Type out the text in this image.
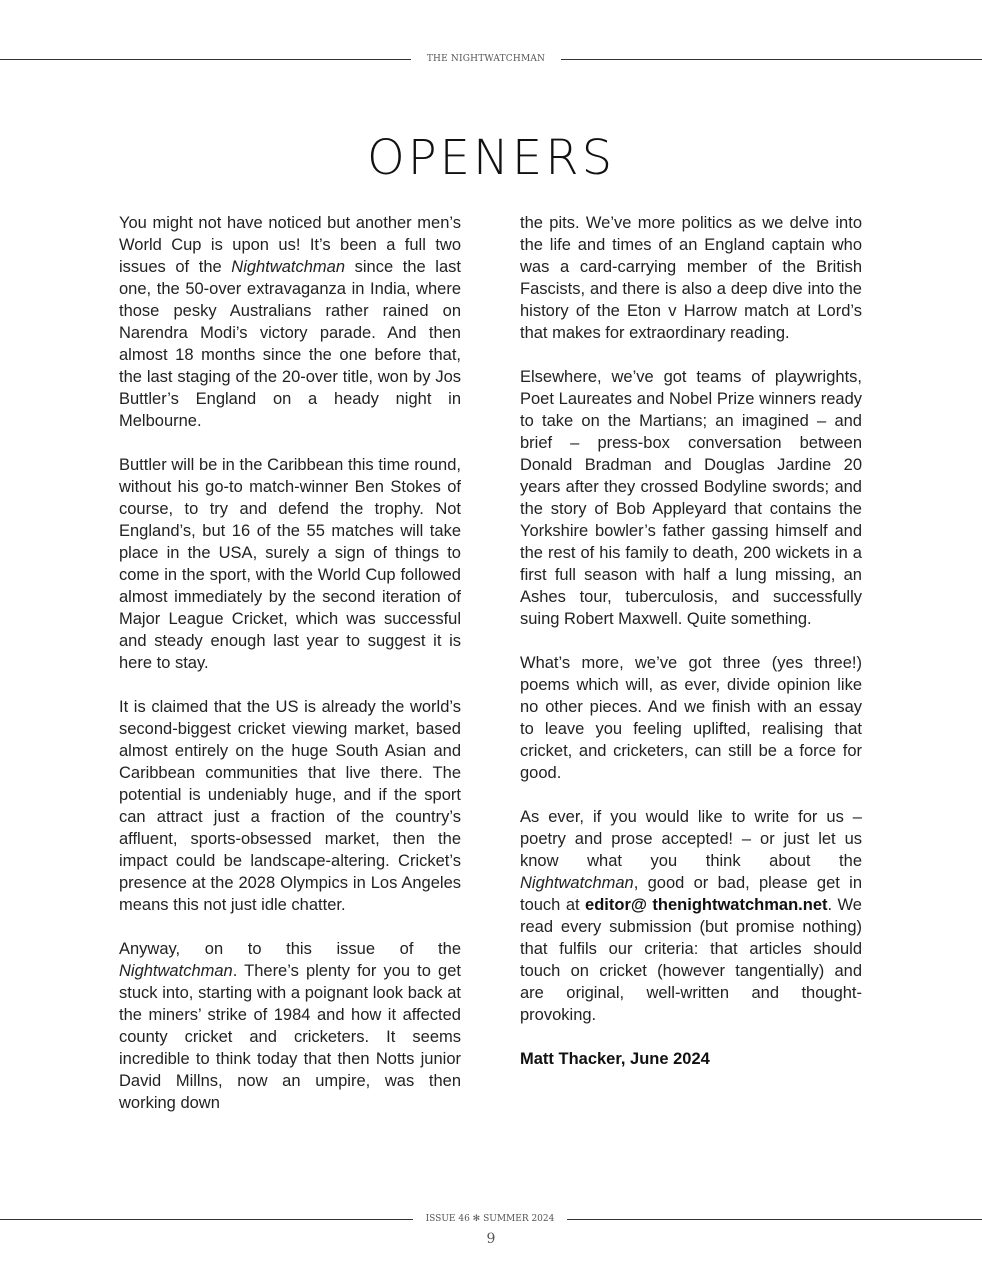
THE NIGHTWATCHMAN
OPENERS

You might not have noticed but another men’s World Cup is upon us! It’s been a full two issues of the Nightwatchman since the last one, the 50-over extravaganza in India, where those pesky Australians rather rained on Narendra Modi’s victory parade. And then almost 18 months since the one before that, the last staging of the 20-over title, won by Jos Buttler’s England on a heady night in Melbourne.

Buttler will be in the Caribbean this time round, without his go-to match-winner Ben Stokes of course, to try and defend the trophy. Not England’s, but 16 of the 55 matches will take place in the USA, surely a sign of things to come in the sport, with the World Cup followed almost immediately by the second iteration of Major League Cricket, which was successful and steady enough last year to suggest it is here to stay.

It is claimed that the US is already the world’s second-biggest cricket viewing market, based almost entirely on the huge South Asian and Caribbean communities that live there. The potential is undeniably huge, and if the sport can attract just a fraction of the country’s affluent, sports-obsessed market, then the impact could be landscape-altering. Cricket’s presence at the 2028 Olympics in Los Angeles means this not just idle chatter.

Anyway, on to this issue of the Nightwatchman. There’s plenty for you to get stuck into, starting with a poignant look back at the miners’ strike of 1984 and how it affected county cricket and cricketers. It seems incredible to think today that then Notts junior David Millns, now an umpire, was then working down

the pits. We’ve more politics as we delve into the life and times of an England captain who was a card-carrying member of the British Fascists, and there is also a deep dive into the history of the Eton v Harrow match at Lord’s that makes for extraordinary reading.

Elsewhere, we’ve got teams of playwrights, Poet Laureates and Nobel Prize winners ready to take on the Martians; an imagined – and brief – press-box conversation between Donald Bradman and Douglas Jardine 20 years after they crossed Bodyline swords; and the story of Bob Appleyard that contains the Yorkshire bowler’s father gassing himself and the rest of his family to death, 200 wickets in a first full season with half a lung missing, an Ashes tour, tuberculosis, and successfully suing Robert Maxwell. Quite something.

What’s more, we’ve got three (yes three!) poems which will, as ever, divide opinion like no other pieces. And we finish with an essay to leave you feeling uplifted, realising that cricket, and cricketers, can still be a force for good.

As ever, if you would like to write for us – poetry and prose accepted! – or just let us know what you think about the Nightwatchman, good or bad, please get in touch at editor@ thenightwatchman.net. We read every submission (but promise nothing) that fulfils our criteria: that articles should touch on cricket (however tangentially) and are original, well-written and thought-provoking.

Matt Thacker, June 2024

ISSUE 46 ✻ SUMMER 2024
9
